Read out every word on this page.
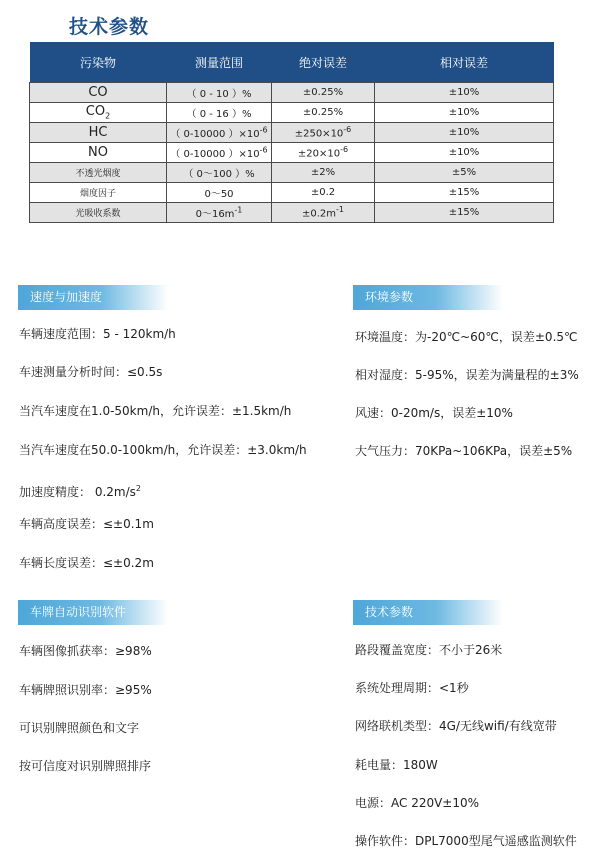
技术参数
污染物	测量范围	绝对误差	相对误差
CO	（ 0 - 10 ）%	±0.25%	±10%
$CO_2$	（ 0 - 16 ）%	±0.25%	±10%
HC	（ 0-10000 ）$\times 10^{-6}$	$\pm 250\times 10^{-6}$	±10%
NO	（ 0-10000 ）$\times 10^{-6}$	$\pm 20\times 10^{-6}$	±10%
不透光烟度	（ 0～100 ）%	±2%	±5%
烟度因子	0～50	±0.2	±15%
光吸收系数	$0\sim 16m^{-1}$	$\pm 0.2m^{-1}$	±15%
速度与加速度
车辆速度范围：5 - 120km/h
车速测量分析时间：≤0.5s
当汽车速度在1.0-50km/h，允许误差：±1.5km/h
当汽车速度在50.0-100km/h，允许误差：±3.0km/h
加速度精度： $0.2m/s^2$
车辆高度误差：≤±0.1m
车辆长度误差：≤±0.2m
环境参数
环境温度：为-20℃~60℃，误差±0.5℃
相对湿度：5-95%，误差为满量程的±3%
风速：0-20m/s，误差±10%
大气压力：70KPa~106KPa，误差±5%
车牌自动识别软件
车辆图像抓获率：≥98%
车辆牌照识别率：≥95%
可识别牌照颜色和文字
按可信度对识别牌照排序
技术参数
路段覆盖宽度：不小于26米
系统处理周期：<1秒
网络联机类型：4G/无线wifi/有线宽带
耗电量：180W
电源：AC 220V±10%
操作软件：DPL7000型尾气遥感监测软件
